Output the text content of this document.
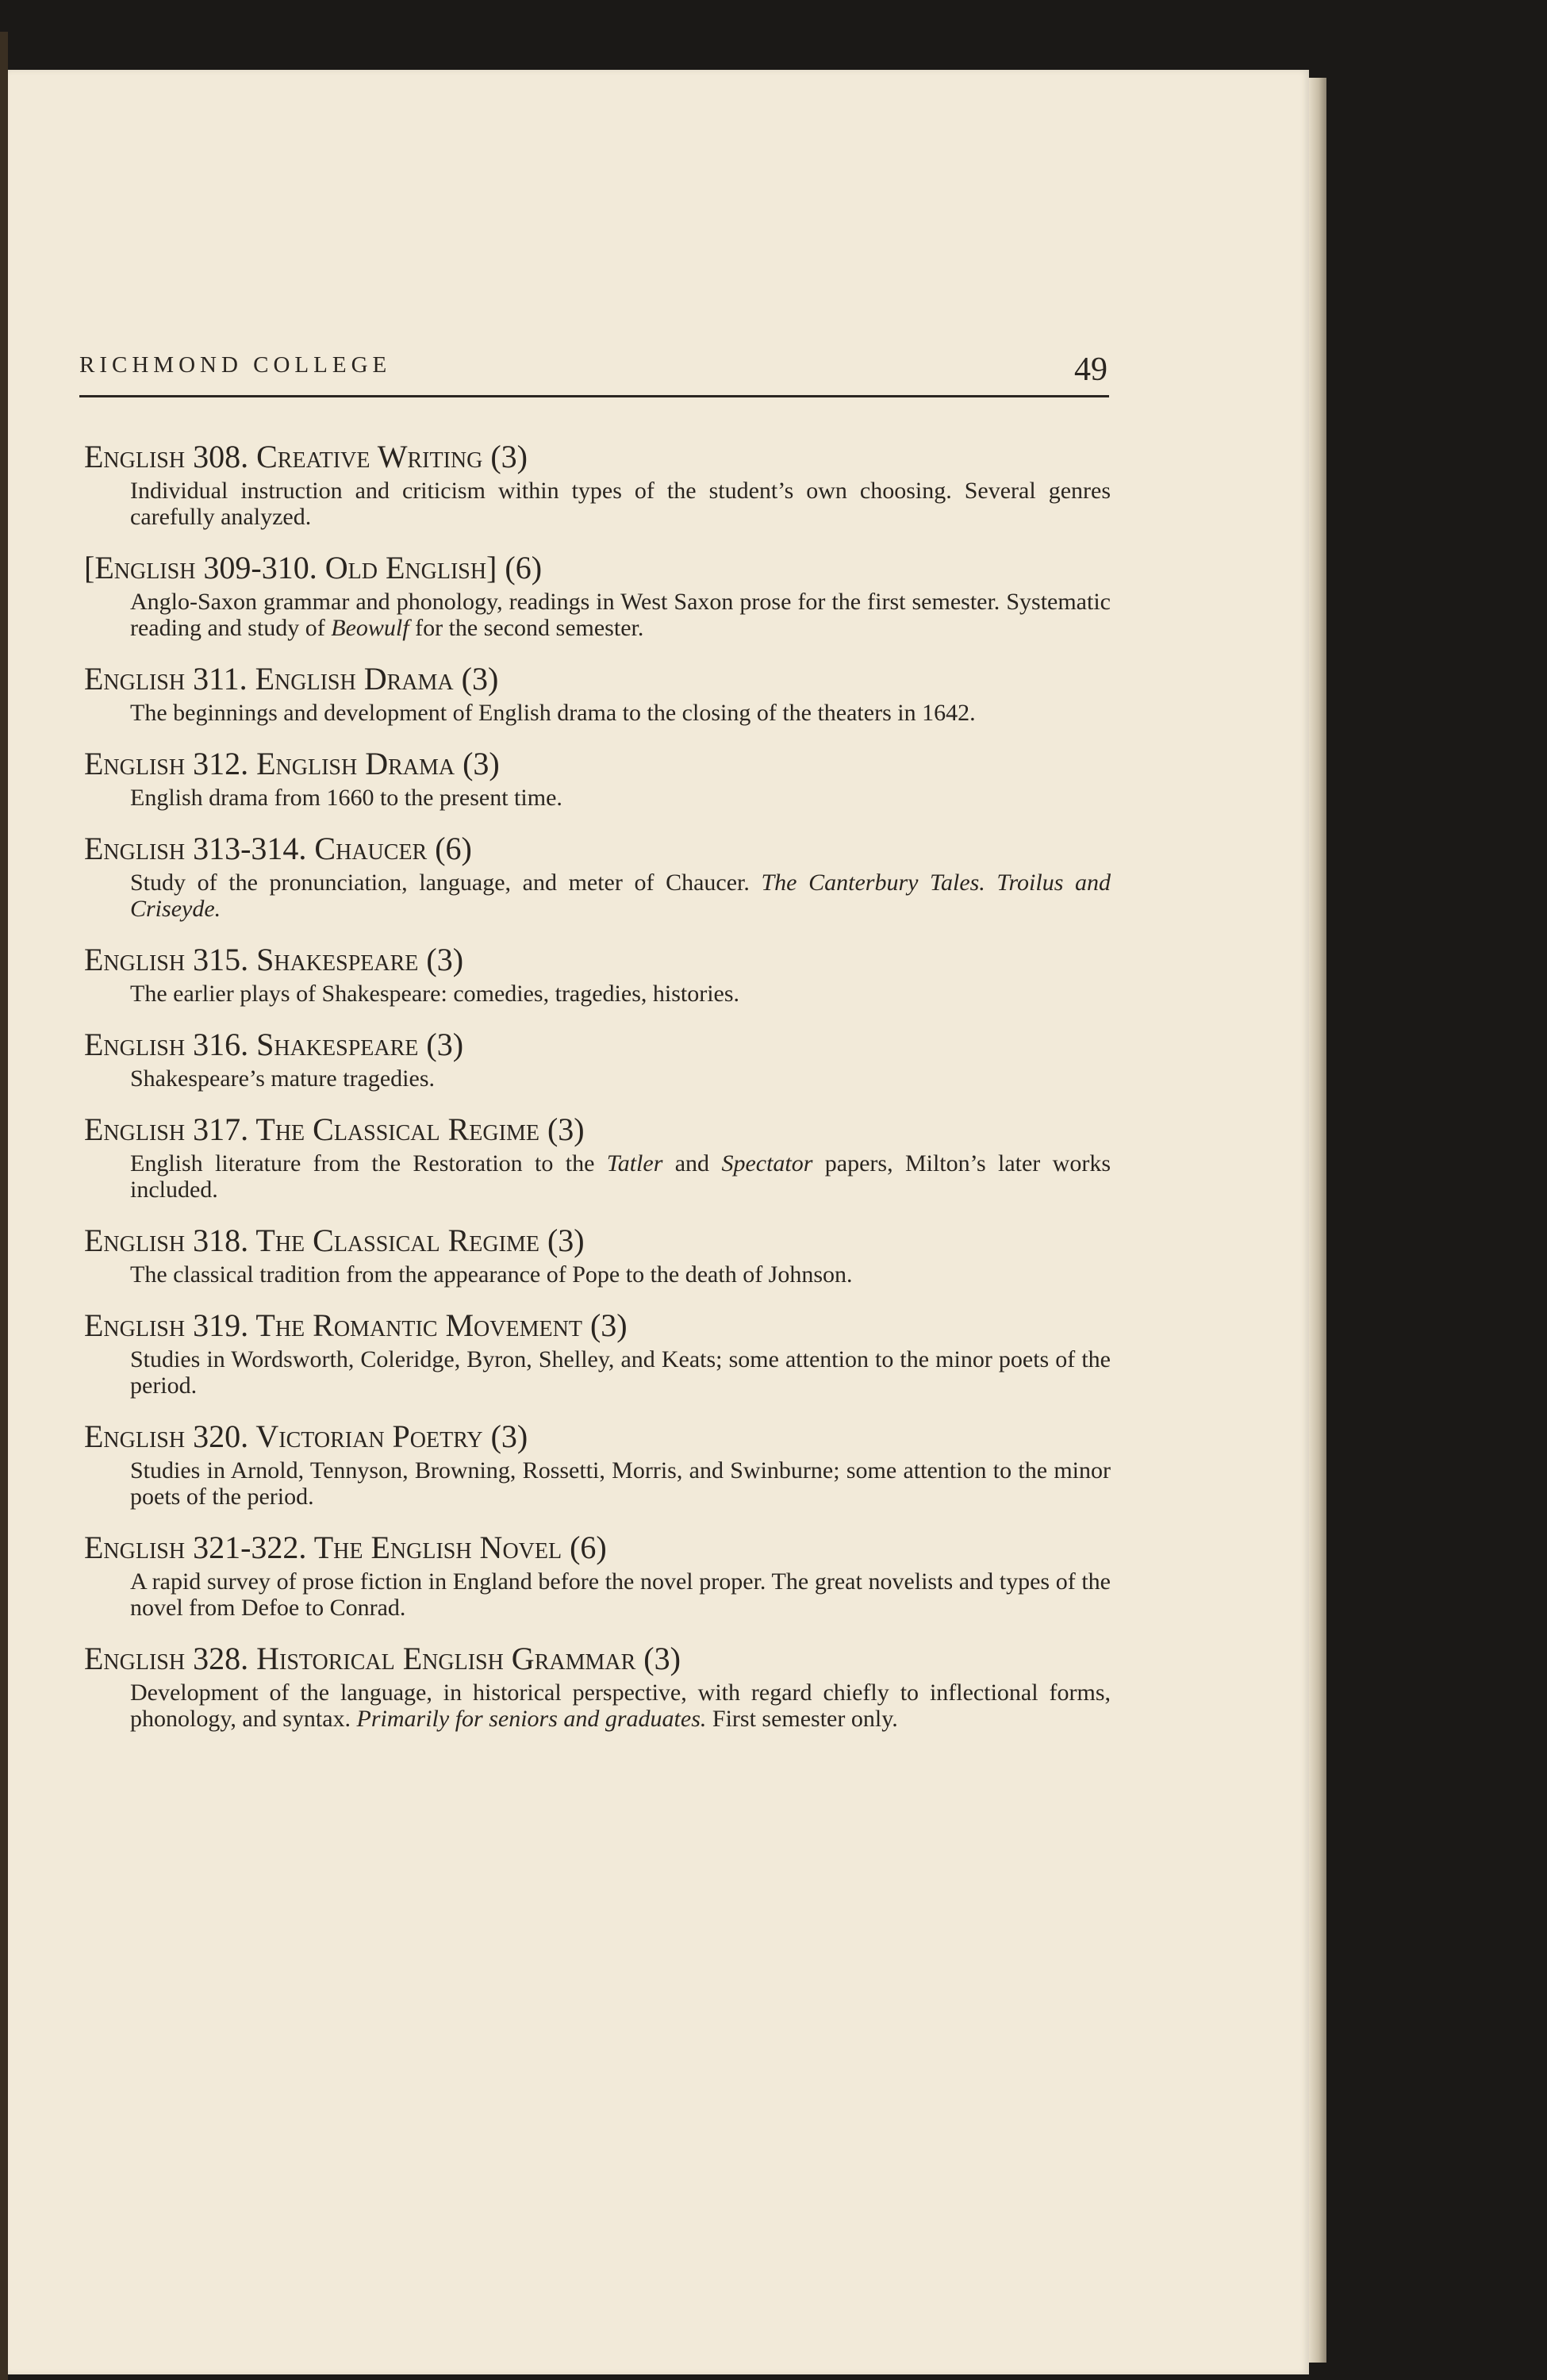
RICHMOND COLLEGE	49
English 308. Creative Writing (3)
Individual instruction and criticism within types of the student’s own choosing. Several genres carefully analyzed.
[English 309-310. Old English] (6)
Anglo-Saxon grammar and phonology, readings in West Saxon prose for the first semester. Systematic reading and study of Beowulf for the second semester.
English 311. English Drama (3)
The beginnings and development of English drama to the closing of the theaters in 1642.
English 312. English Drama (3)
English drama from 1660 to the present time.
English 313-314. Chaucer (6)
Study of the pronunciation, language, and meter of Chaucer. The Canterbury Tales. Troilus and Criseyde.
English 315. Shakespeare (3)
The earlier plays of Shakespeare: comedies, tragedies, histories.
English 316. Shakespeare (3)
Shakespeare’s mature tragedies.
English 317. The Classical Regime (3)
English literature from the Restoration to the Tatler and Spectator papers, Milton’s later works included.
English 318. The Classical Regime (3)
The classical tradition from the appearance of Pope to the death of Johnson.
English 319. The Romantic Movement (3)
Studies in Wordsworth, Coleridge, Byron, Shelley, and Keats; some attention to the minor poets of the period.
English 320. Victorian Poetry (3)
Studies in Arnold, Tennyson, Browning, Rossetti, Morris, and Swinburne; some attention to the minor poets of the period.
English 321-322. The English Novel (6)
A rapid survey of prose fiction in England before the novel proper. The great novelists and types of the novel from Defoe to Conrad.
English 328. Historical English Grammar (3)
Development of the language, in historical perspective, with regard chiefly to inflectional forms, phonology, and syntax. Primarily for seniors and graduates. First semester only.
